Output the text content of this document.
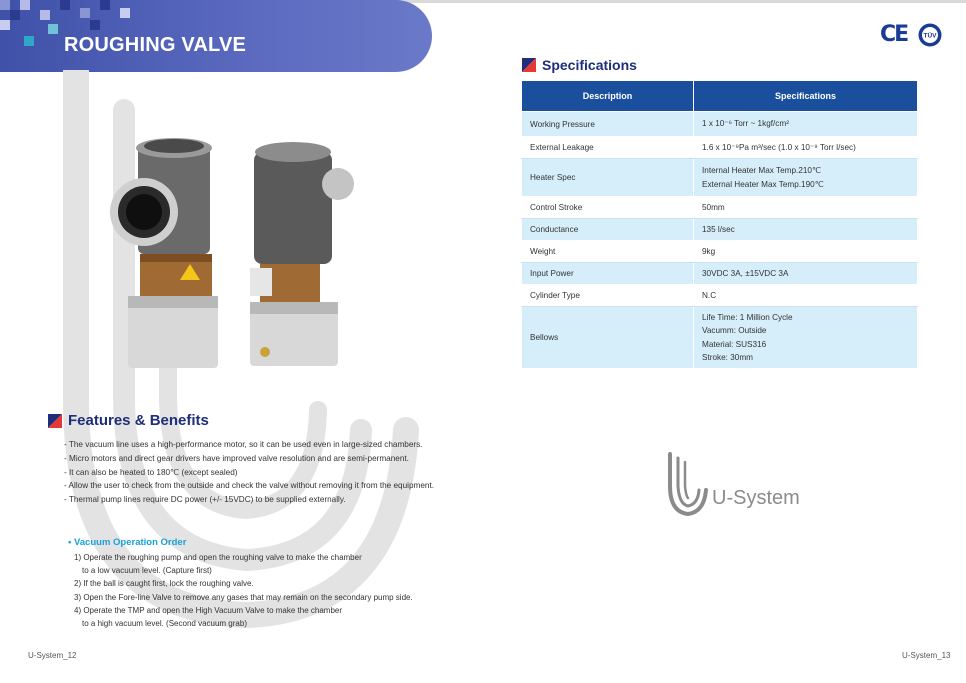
ROUGHING VALVE
Features & Benefits
- The vacuum line uses a high-performance motor, so it can be used even in large-sized chambers.
- Micro motors and direct gear drivers have improved valve resolution and are semi-permanent.
- It can also be heated to 180℃ (except sealed)
- Allow the user to check from the outside and check the valve without removing it from the equipment.
- Thermal pump lines require DC power (+/- 15VDC) to be supplied externally.
• Vacuum Operation Order
1) Operate the roughing pump and open the roughing valve to make the chamber
to a low vacuum level. (Capture first)
2) If the ball is caught first, lock the roughing valve.
3) Open the Fore-line Valve to remove any gases that may remain on the secondary pump side.
4) Operate the TMP and open the High Vacuum Valve to make the chamber
to a high vacuum level. (Second vacuum grab)
U-System_12
CE	TÜV
Specifications
Description	Specifications
Working Pressure	1 x 10⁻⁶ Torr ~ 1kgf/cm²

External Leakage	1.6 x 10⁻⁹Pa m³/sec (1.0 x 10⁻⁹ Torr l/sec)

Heater Spec	Internal Heater Max Temp.210℃
External Heater Max Temp.190℃

Control Stroke	50mm

Conductance	135 l/sec

Weight	9kg

Input Power	30VDC 3A, ±15VDC 3A

Cylinder Type	N.C

Bellows	Life Time: 1 Million Cycle
Vacumm: Outside
Material: SUS316
Stroke: 30mm
U-System
U-System_13
